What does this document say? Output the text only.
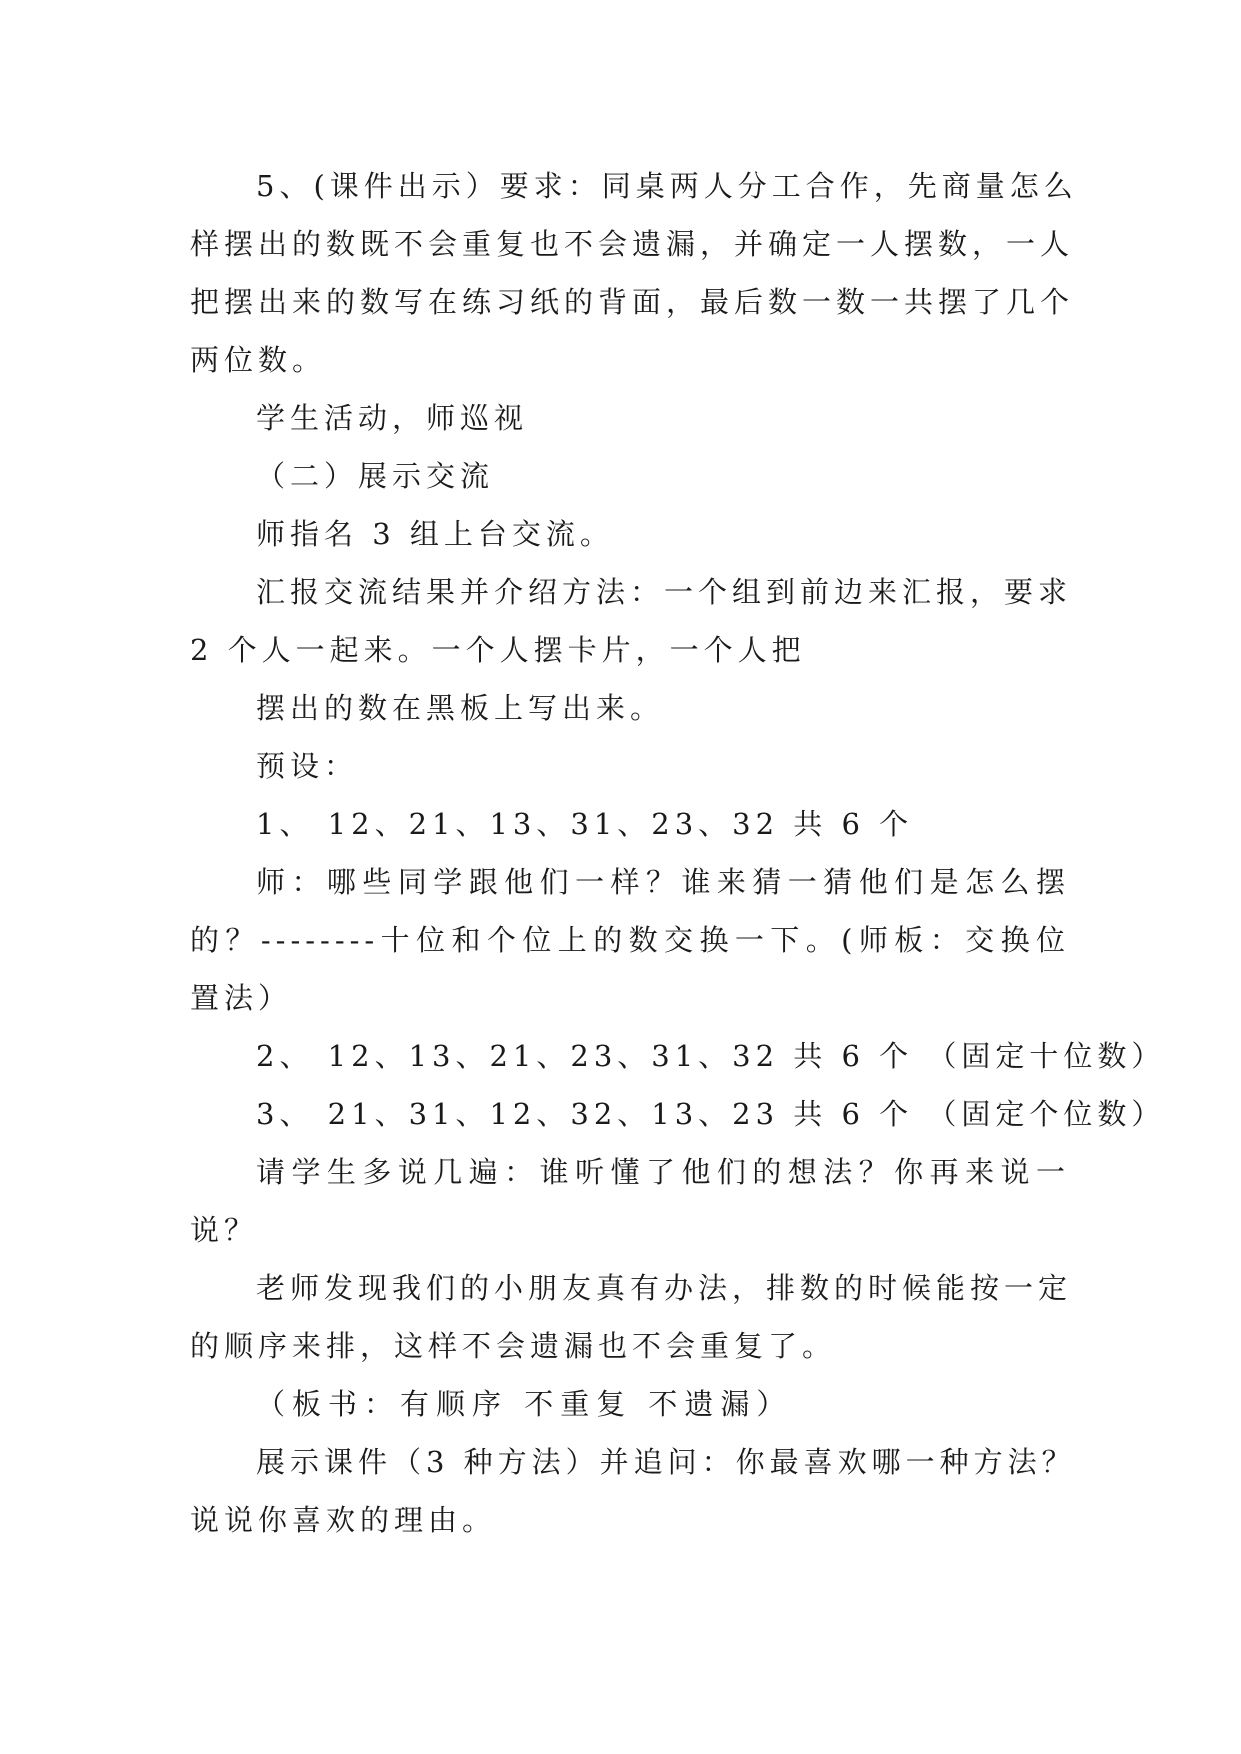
5、(课件出示）要求：同桌两人分工合作，先商量怎么
样摆出的数既不会重复也不会遗漏，并确定一人摆数，一人
把摆出来的数写在练习纸的背面，最后数一数一共摆了几个
两位数。
学生活动，师巡视
（二）展示交流
师指名 3 组上台交流。
汇报交流结果并介绍方法：一个组到前边来汇报，要求
2 个人一起来。一个人摆卡片，一个人把
摆出的数在黑板上写出来。
预设：
1、 12、21、13、31、23、32 共 6 个
师：哪些同学跟他们一样？谁来猜一猜他们是怎么摆
的？--------十位和个位上的数交换一下。(师板：交换位
置法）
2、 12、13、21、23、31、32 共 6 个 （固定十位数）
3、 21、31、12、32、13、23 共 6 个 （固定个位数）
请学生多说几遍：谁听懂了他们的想法？你再来说一
说？
老师发现我们的小朋友真有办法，排数的时候能按一定
的顺序来排，这样不会遗漏也不会重复了。
（板书：有顺序 不重复 不遗漏）
展示课件（3 种方法）并追问：你最喜欢哪一种方法？
说说你喜欢的理由。
